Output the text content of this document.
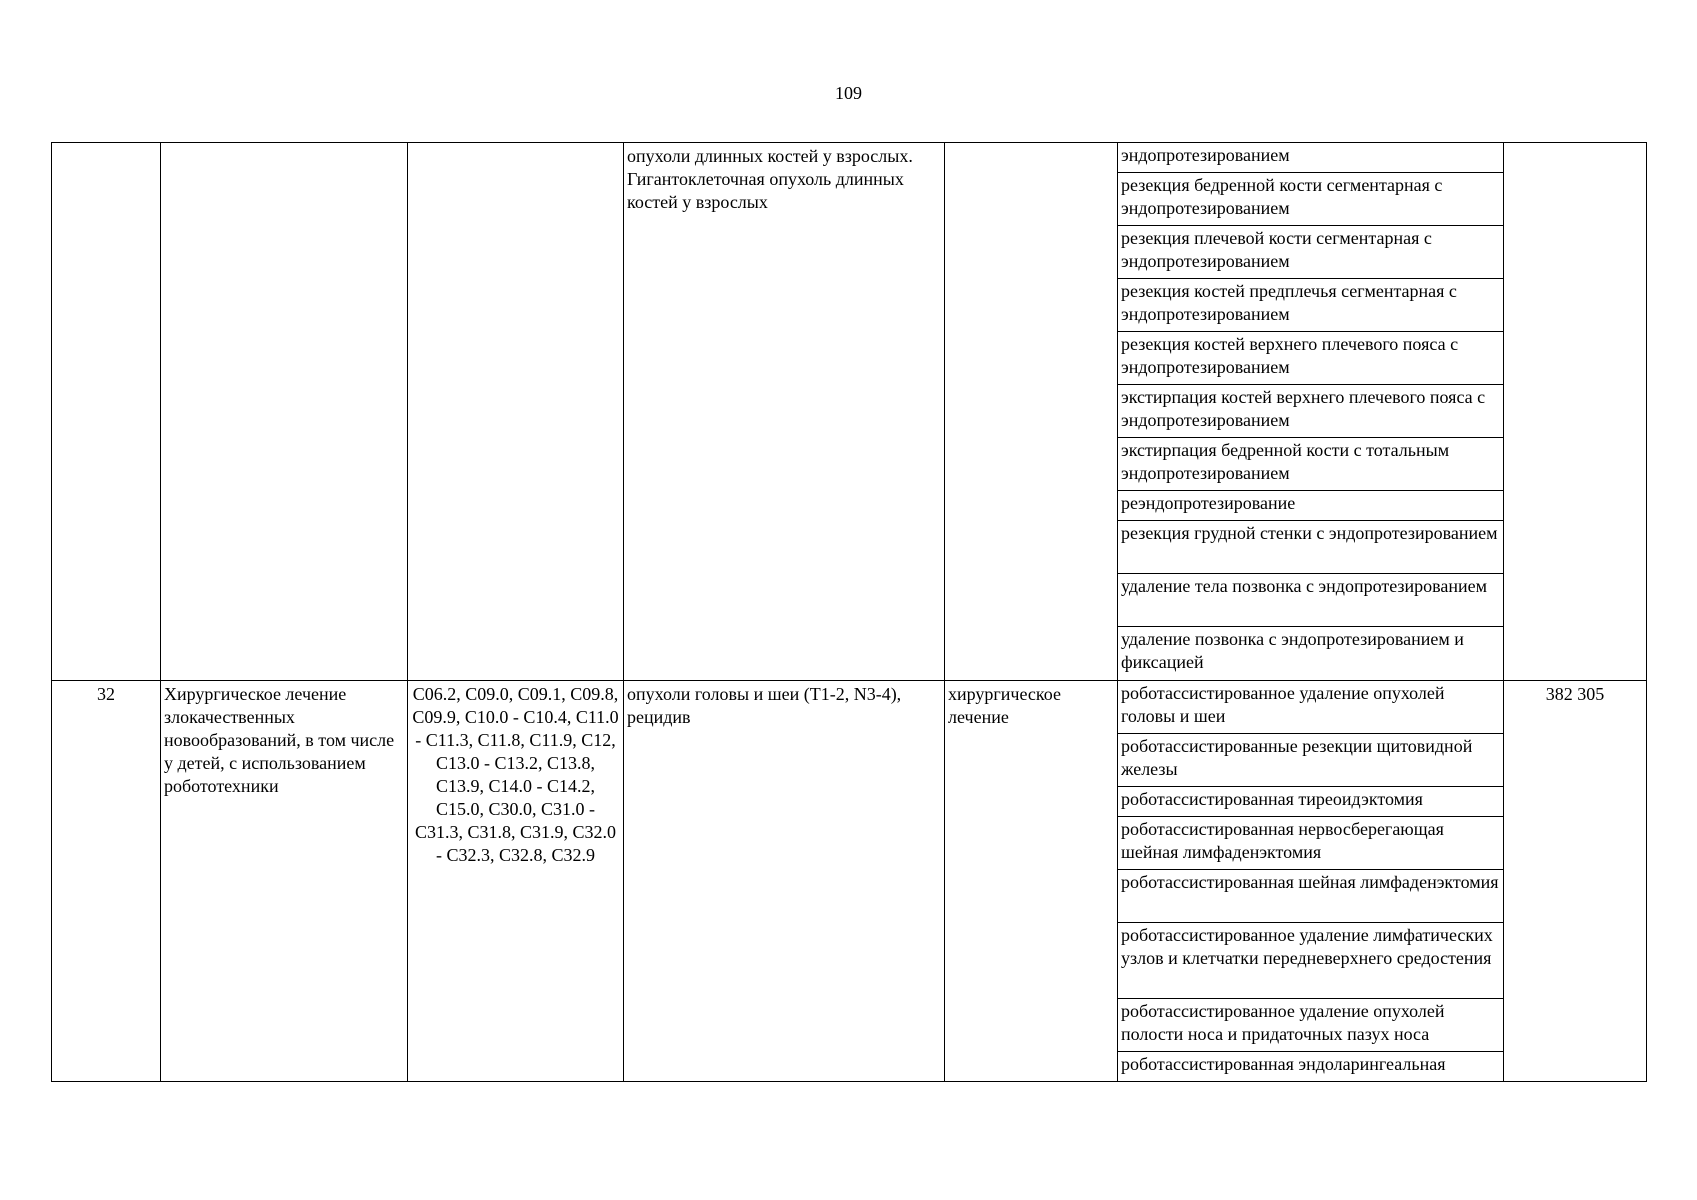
109
			опухоли длинных костей у взрослых. Гигантоклеточная опухоль длинных костей у взрослых		эндопротезированием	
					резекция бедренной кости сегментарная с эндопротезированием	
					резекция плечевой кости сегментарная с эндопротезированием	
					резекция костей предплечья сегментарная с эндопротезированием	
					резекция костей верхнего плечевого пояса с эндопротезированием	
					экстирпация костей верхнего плечевого пояса с эндопротезированием	
					экстирпация бедренной кости с тотальным эндопротезированием	
					реэндопротезирование	
					резекция грудной стенки с эндопротезированием	
					удаление тела позвонка с эндопротезированием	
					удаление позвонка с эндопротезированием и фиксацией	
32	Хирургическое лечение злокачественных новообразований, в том числе у детей, с использованием робототехники	C06.2, C09.0, C09.1, C09.8, C09.9, C10.0 - C10.4, C11.0 - C11.3, C11.8, C11.9, C12, C13.0 - C13.2, C13.8, C13.9, C14.0 - C14.2, C15.0, C30.0, C31.0 - C31.3, C31.8, C31.9, C32.0 - C32.3, C32.8, C32.9	опухоли головы и шеи (T1-2, N3-4), рецидив	хирургическое лечение	роботассистированное удаление опухолей головы и шеи	382 305
					роботассистированные резекции щитовидной железы	
					роботассистированная тиреоидэктомия	
					роботассистированная нервосберегающая шейная лимфаденэктомия	
					роботассистированная шейная лимфаденэктомия	
					роботассистированное удаление лимфатических узлов и клетчатки передневерхнего средостения	
					роботассистированное удаление опухолей полости носа и придаточных пазух носа	
					роботассистированная эндоларингеальная	
